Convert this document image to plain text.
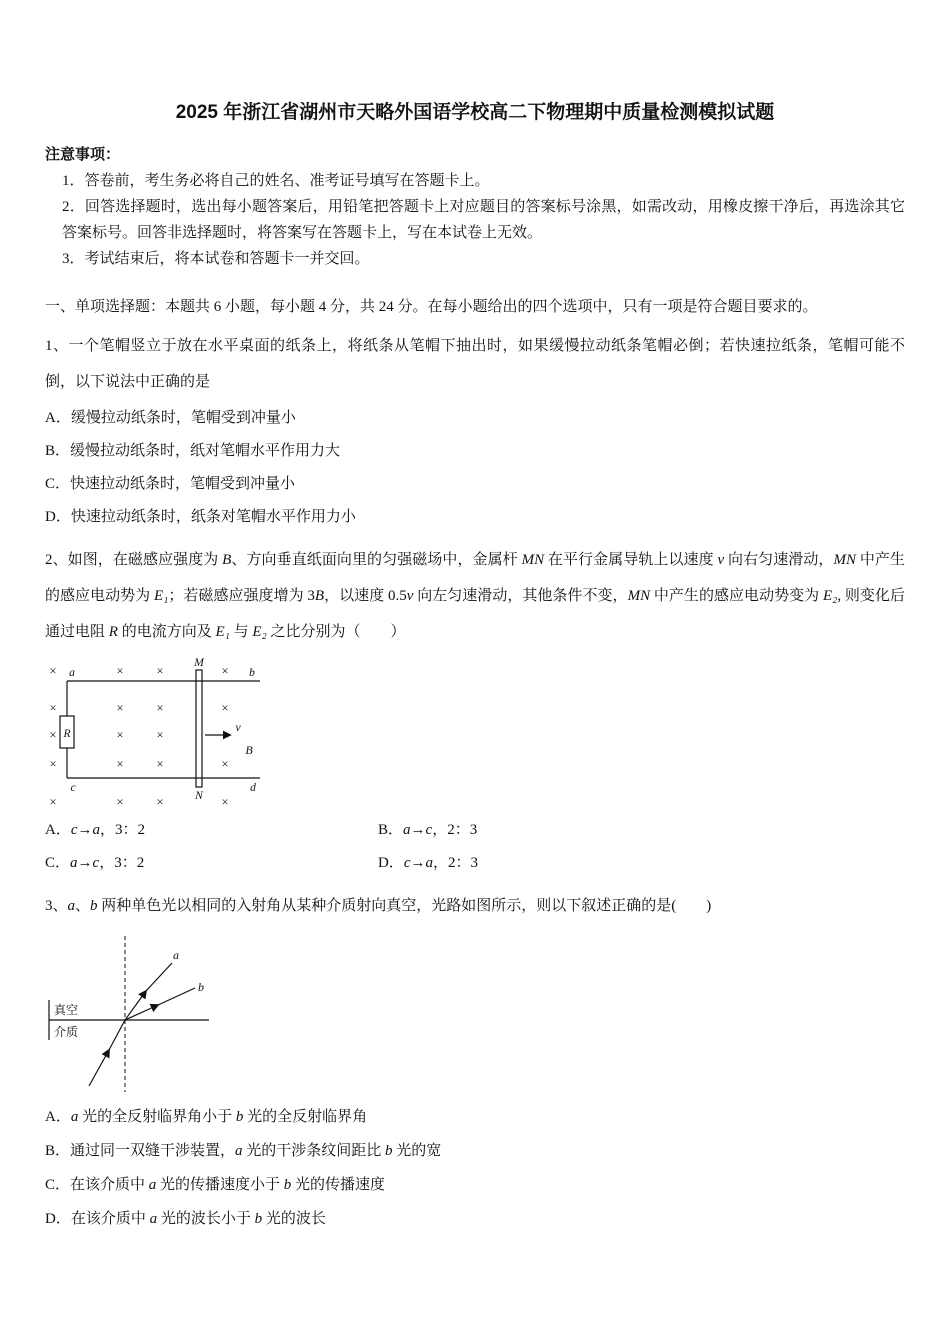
2025 年浙江省湖州市天略外国语学校高二下物理期中质量检测模拟试题
注意事项：
1．答卷前，考生务必将自己的姓名、准考证号填写在答题卡上。
2．回答选择题时，选出每小题答案后，用铅笔把答题卡上对应题目的答案标号涂黑，如需改动，用橡皮擦干净后，再选涂其它答案标号。回答非选择题时，将答案写在答题卡上，写在本试卷上无效。
3．考试结束后，将本试卷和答题卡一并交回。
一、单项选择题：本题共 6 小题，每小题 4 分，共 24 分。在每小题给出的四个选项中，只有一项是符合题目要求的。
1、一个笔帽竖立于放在水平桌面的纸条上，将纸条从笔帽下抽出时，如果缓慢拉动纸条笔帽必倒；若快速拉纸条，笔帽可能不倒，以下说法中正确的是
A．缓慢拉动纸条时，笔帽受到冲量小
B．缓慢拉动纸条时，纸对笔帽水平作用力大
C．快速拉动纸条时，笔帽受到冲量小
D．快速拉动纸条时，纸条对笔帽水平作用力小
2、如图，在磁感应强度为 B、方向垂直纸面向里的匀强磁场中，金属杆 MN 在平行金属导轨上以速度 v 向右匀速滑动，MN 中产生的感应电动势为 E₁；若磁感应强度增为 3B，以速度 0.5v 向左匀速滑动，其他条件不变，MN 中产生的感应电动势变为 E₂, 则变化后通过电阻 R 的电流方向及 E₁ 与 E₂ 之比分别为（　　）
×	×	×	×
×	×	×	×
×	×	×
×	×	×	×
×	×	×	×
a	b
c	d
M
N
R	v
B
A．c→a，3：2	B．a→c，2：3
C．a→c，3：2	D．c→a，2：3
3、a、b 两种单色光以相同的入射角从某种介质射向真空，光路如图所示，则以下叙述正确的是(　　)
真空
介质
a
b
A．a 光的全反射临界角小于 b 光的全反射临界角
B．通过同一双缝干涉装置，a 光的干涉条纹间距比 b 光的宽
C．在该介质中 a 光的传播速度小于 b 光的传播速度
D．在该介质中 a 光的波长小于 b 光的波长
